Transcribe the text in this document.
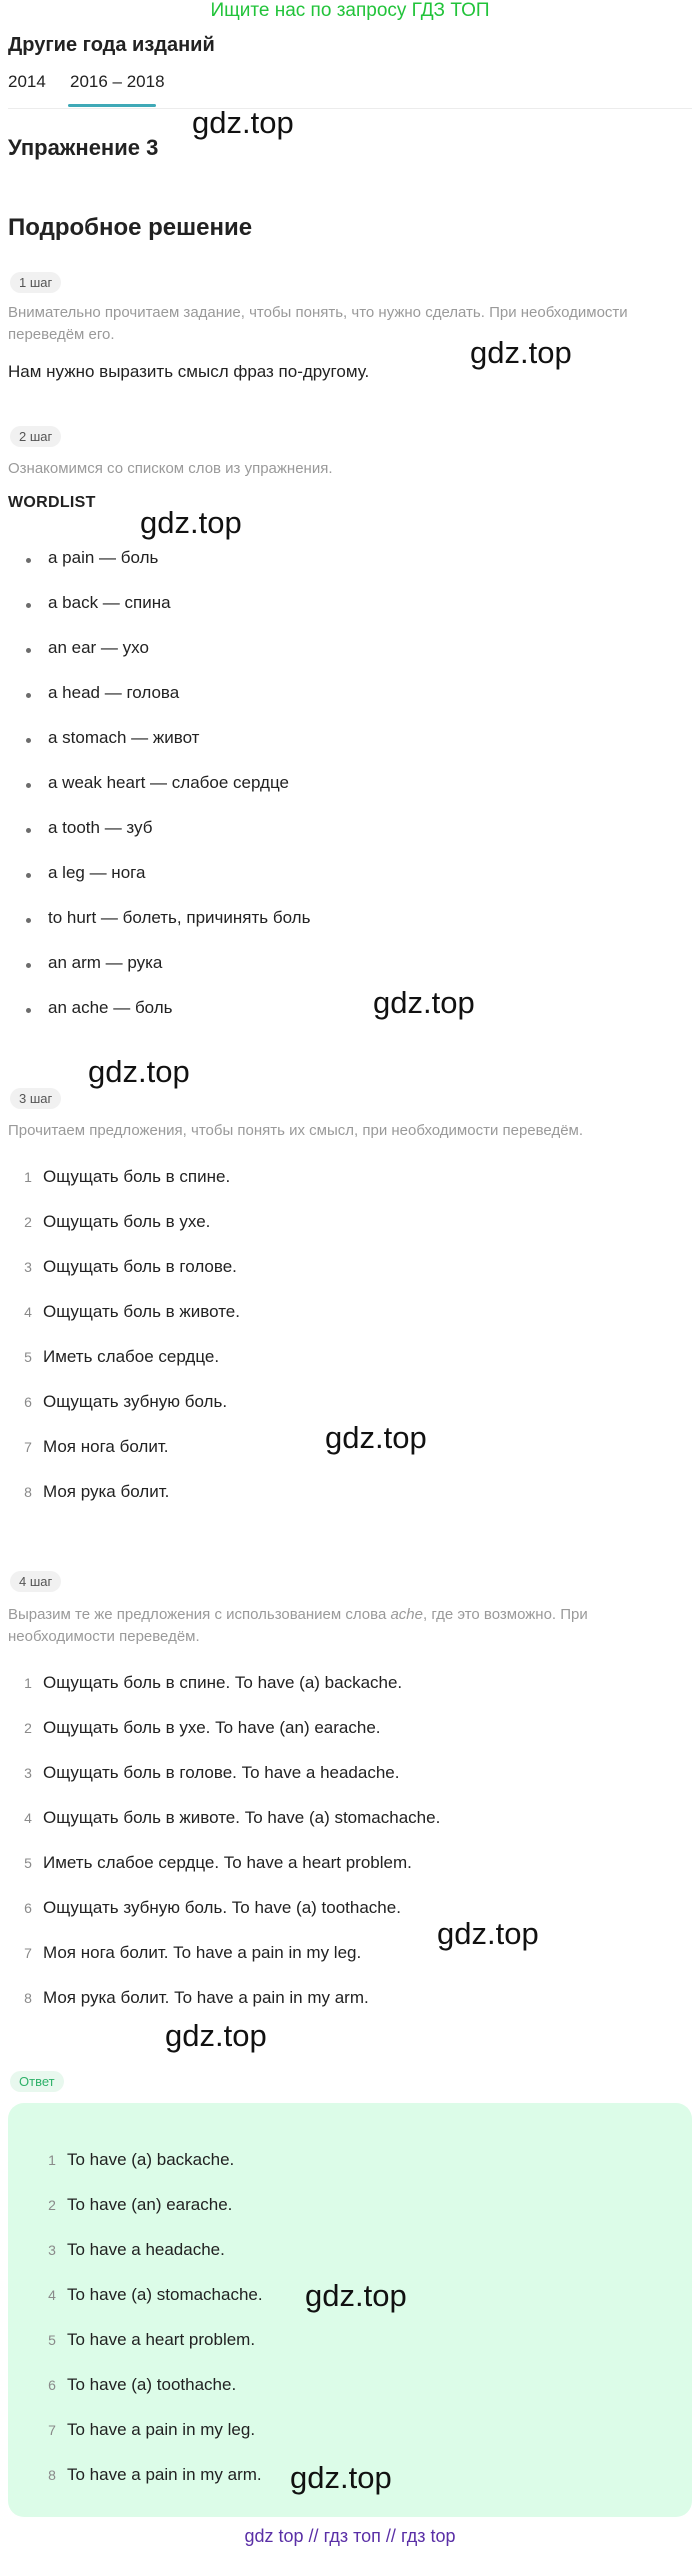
Ищите нас по запросу ГДЗ ТОП
Другие года изданий
2014 2016 – 2018
Упражнение 3
gdz.top
Подробное решение
1 шаг
Внимательно прочитаем задание, чтобы понять, что нужно сделать. При необходимости переведём его.
gdz.top
Нам нужно выразить смысл фраз по-другому.
2 шаг
Ознакомимся со списком слов из упражнения.
WORDLIST
gdz.top
a pain — боль
a back — спина
an ear — ухо
a head — голова
a stomach — живот
a weak heart — слабое сердце
a tooth — зуб
a leg — нога
to hurt — болеть, причинять боль
an arm — рука
an ache — боль	gdz.top
gdz.top
3 шаг
Прочитаем предложения, чтобы понять их смысл, при необходимости переведём.
1 Ощущать боль в спине.
2 Ощущать боль в ухе.
3 Ощущать боль в голове.
4 Ощущать боль в животе.
5 Иметь слабое сердце.
6 Ощущать зубную боль.
7 Моя нога болит.
8 Моя рука болит.
gdz.top
4 шаг
Выразим те же предложения с использованием слова ache, где это возможно. При
необходимости переведём.
1 Ощущать боль в спине. To have (a) backache.
2 Ощущать боль в ухе. To have (an) earache.
3 Ощущать боль в голове. To have a headache.
4 Ощущать боль в животе. To have (a) stomachache.
5 Иметь слабое сердце. To have a heart problem.
6 Ощущать зубную боль. To have (a) toothache.
7 Моя нога болит. To have a pain in my leg.
8 Моя рука болит. To have a pain in my arm.
gdz.top
gdz.top
Ответ
1 To have (a) backache.
2 To have (an) earache.
3 To have a headache.
4 To have (a) stomachache.
5 To have a heart problem.
6 To have (a) toothache.
7 To have a pain in my leg.
8 To have a pain in my arm.
gdz.top
gdz.top
gdz top // гдз топ // гдз top
